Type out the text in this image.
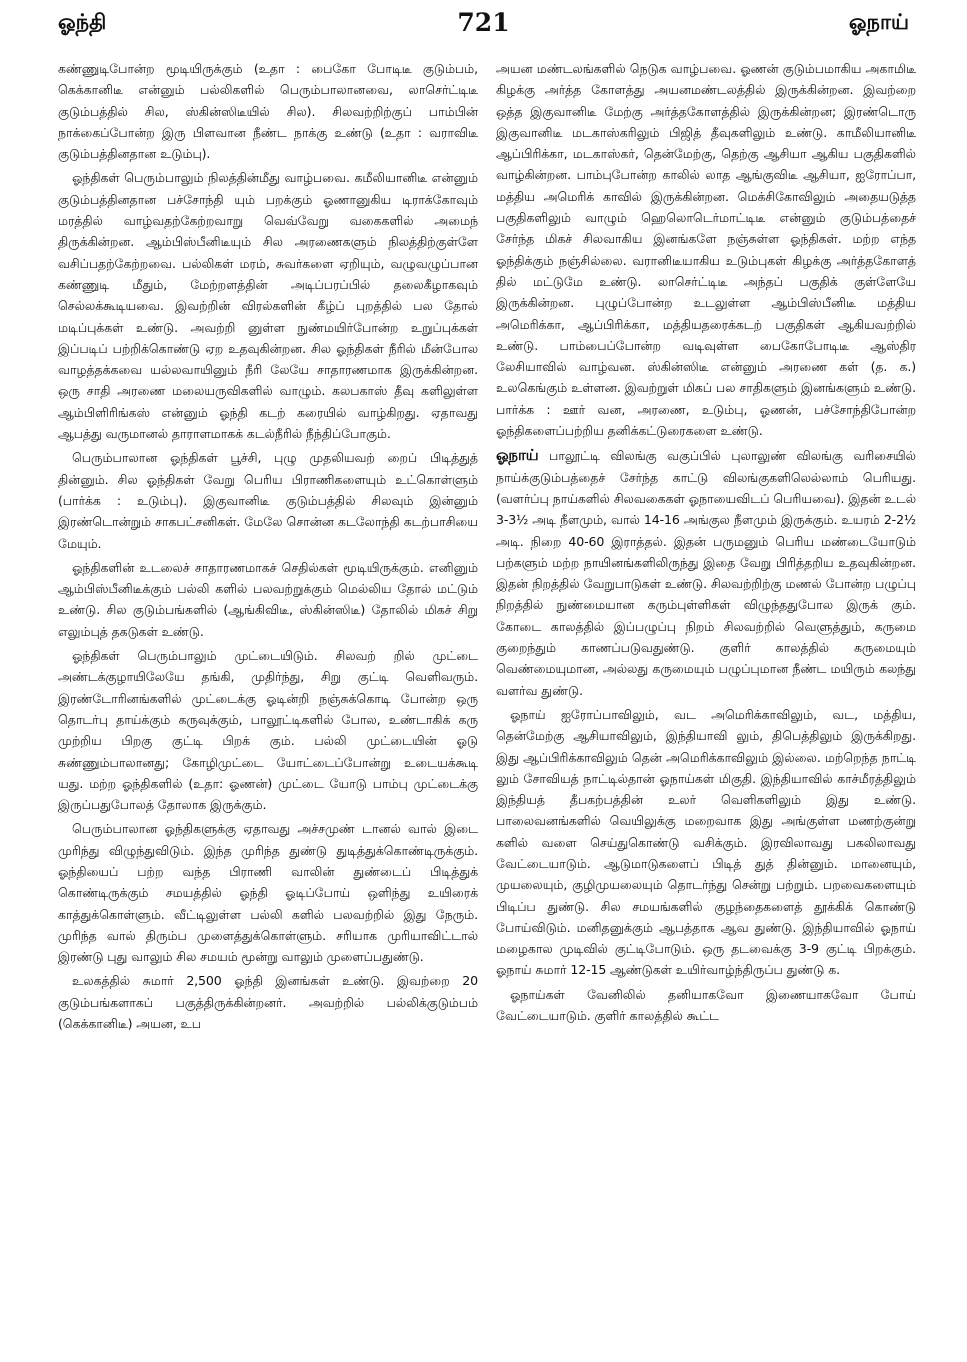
ஓந்தி	721	ஓநாய்

கண்ணுடிபோன்ற மூடியிருக்கும் (உதா : பைகோ போடிடீ குடும்பம், கெக்கானிடீ என்னும் பல்லிகளில் பெரும்பாலானவை, லாசெர்ட்டிடீ குடும்பத்தில் சில, ஸ்கின்ஸிடீயில் சில). சிலவற்றிற்குப் பாம்பின் நாக்கைப்போன்ற இரு பிளவான நீண்ட நாக்கு உண்டு (உதா : வராவிடீ குடும்பத்தினதான உடும்பு).

ஓந்திகள் பெரும்பாலும் நிலத்தின்மீது வாழ்பவை. கமீலியானிடீ என்னும் குடும்பத்தினதான பச்சோந்தி யும் பறக்கும் ஓணானுகிய டிராக்கோவும் மரத்தில் வாழ்வதற்கேற்றவாறு வெவ்வேறு வகைகளில் அமைந் திருக்கின்றன. ஆம்பிஸ்பீனிடீயும் சில அரணைகளும் நிலத்திற்குள்ளே வசிப்பதற்கேற்றவை. பல்லிகள் மரம், சுவர்களை ஏறியும், வழுவழுப்பான கண்ணுடி மீதும், மேற்றளத்தின் அடிப்பரப்பில் தலைகீழாகவும் செல்லக்கூடியவை. இவற்றின் விரல்களின் கீழ்ப் புறத்தில் பல தோல் மடிப்புக்கள் உண்டு. அவற்றி னுள்ள நுண்மயிர்போன்ற உறுப்புக்கள் இப்படிப் பற்றிக்கொண்டு ஏற உதவுகின்றன. சில ஓந்திகள் நீரில் மீன்போல வாழத்தக்கவை யல்லவாயினும் நீரி லேயே சாதாரணமாக இருக்கின்றன. ஒரு சாதி அரணை மலையருவிகளில் வாழும். கலபகாஸ் தீவு களிலுள்ள ஆம்பிளிரிங்கஸ் என்னும் ஓந்தி கடற் கரையில் வாழ்கிறது. ஏதாவது ஆபத்து வருமானல் தாராளமாகக் கடல்நீரில் நீந்திப்போகும்.

பெரும்பாலான ஓந்திகள் பூச்சி, புழு முதலியவற் றைப் பிடித்துத் தின்னும். சில ஓந்திகள் வேறு பெரிய பிராணிகளையும் உட்கொள்ளும் (பார்க்க : உடும்பு). இகுவானிடீ குடும்பத்தில் சிலவும் இன்னும் இரண்டொன்றும் சாகபட்சனிகள். மேலே சொன்ன கடலோந்தி கடற்பாசியை மேயும்.

ஓந்திகளின் உடலைச் சாதாரணமாகச் செதில்கள் மூடியிருக்கும். எனினும் ஆம்பிஸ்பீனிடீக்கும் பல்லி களில் பலவற்றுக்கும் மெல்லிய தோல் மட்டும் உண்டு. சில குடும்பங்களில் (ஆங்கிவிடீ, ஸ்கின்ஸிடீ) தோலில் மிகச் சிறு எலும்புத் தகடுகள் உண்டு.

ஓந்திகள் பெரும்பாலும் முட்டையிடும். சிலவற் றில் முட்டை அண்டக்குழாயிலேயே தங்கி, முதிர்ந்து, சிறு குட்டி வெளிவரும். இரண்டோரினங்களில் முட்டைக்கு ஓடின்றி நஞ்சுக்கொடி போன்ற ஒரு தொடர்பு தாய்க்கும் கருவுக்கும், பாலூட்டிகளில் போல, உண்டாகிக் கரு முற்றிய பிறகு குட்டி பிறக் கும். பல்லி முட்டையின் ஓடு சுண்ணும்பாலானது; கோழிமுட்டை யோட்டைப்போன்று உடையக்கூடி யது. மற்ற ஓந்திகளில் (உதா: ஓணன்) முட்டை யோடு பாம்பு முட்டைக்கு இருப்பதுபோலத் தோலாக இருக்கும்.

பெரும்பாலான ஓந்திகளுக்கு ஏதாவது அச்சமுண் டானல் வால் இடை முரிந்து விழுந்துவிடும். இந்த முரிந்த துண்டு துடித்துக்கொண்டிருக்கும். ஓந்தியைப் பற்ற வந்த பிராணி வாலின் துண்டைப் பிடித்துக் கொண்டிருக்கும் சமயத்தில் ஓந்தி ஓடிப்போய் ஒளிந்து உயிரைக் காத்துக்கொள்ளும். வீட்டிலுள்ள பல்லி களில் பலவற்றில் இது நேரும். முரிந்த வால் திரும்ப முளைத்துக்கொள்ளும். சரியாக முரியாவிட்டால் இரண்டு புது வாலும் சில சமயம் மூன்று வாலும் முளைப்பதுண்டு.

உலகத்தில் சுமார் 2,500 ஓந்தி இனங்கள் உண்டு. இவற்றை 20 குடும்பங்களாகப் பகுத்திருக்கின்றனர். அவற்றில் பல்லிக்குடும்பம் (கெக்கானிடீ) அயன, உப

அயன மண்டலங்களில் நெடுக வாழ்பவை. ஓணன் குடும்பமாகிய அகாமிடீ கிழக்கு அர்த்த கோளத்து அயனமண்டலத்தில் இருக்கின்றன. இவற்றை ஒத்த இகுவானிடீ மேற்கு அர்த்தகோளத்தில் இருக்கின்றன; இரண்டொரு இகுவானிடீ மடகாஸ்கரிலும் பிஜித் தீவுகளிலும் உண்டு. காமீலியானிடீ ஆப்பிரிக்கா, மடகாஸ்கர், தென்மேற்கு, தெற்கு ஆசியா ஆகிய பகுதிகளில் வாழ்கின்றன. பாம்புபோன்ற காலில் லாத ஆங்குவிடீ ஆசியா, ஐரோப்பா, மத்திய அமெரிக் காவில் இருக்கின்றன. மெக்சிகோவிலும் அதையடுத்த பகுதிகளிலும் வாழும் ஹெலொடெர்மாட்டிடீ என்னும் குடும்பத்தைச் சேர்ந்த மிகச் சிலவாகிய இனங்களே நஞ்சுள்ள ஓந்திகள். மற்ற எந்த ஓந்திக்கும் நஞ்சில்லை. வரானிடீயாகிய உடும்புகள் கிழக்கு அர்த்தகோளத் தில் மட்டுமே உண்டு. லாசெர்ட்டிடீ அந்தப் பகுதிக் குள்ளேயே இருக்கின்றன. புழுப்போன்ற உடலுள்ள ஆம்பிஸ்பீனிடீ மத்திய அமெரிக்கா, ஆப்பிரிக்கா, மத்தியதரைக்கடற் பகுதிகள் ஆகியவற்றில் உண்டு. பாம்பைப்போன்ற வடிவுள்ள பைகோபோடிடீ ஆஸ்திர லேசியாவில் வாழ்வன. ஸ்கின்ஸிடீ என்னும் அரணை கள் (த. க.) உலகெங்கும் உள்ளன. இவற்றுள் மிகப் பல சாதிகளும் இனங்களும் உண்டு. பார்க்க : ஊர் வன, அரணை, உடும்பு, ஓணன், பச்சோந்திபோன்ற ஓந்திகளைப்பற்றிய தனிக்கட்டுரைகளை உண்டு.

ஓநாய் பாலூட்டி விலங்கு வகுப்பில் புலாலுண் விலங்கு வரிசையில் நாய்க்குடும்பத்தைச் சேர்ந்த காட்டு விலங்குகளிலெல்லாம் பெரியது. (வளர்ப்பு நாய்களில் சிலவகைகள் ஓநாயைவிடப் பெரியவை). இதன் உடல் 3-3½ அடி நீளமும், வால் 14-16 அங்குல நீளமும் இருக்கும். உயரம் 2-2½ அடி. நிறை 40-60 இராத்தல். இதன் பருமனும் பெரிய மண்டையோடும் பற்களும் மற்ற நாயினங்களிலிருந்து இதை வேறு பிரித்தறிய உதவுகின்றன. இதன் நிறத்தில் வேறுபாடுகள் உண்டு. சிலவற்றிற்கு மணல் போன்ற பழுப்பு நிறத்தில் நுண்மையான கரும்புள்ளிகள் விழுந்ததுபோல இருக் கும். கோடை காலத்தில் இப்பழுப்பு நிறம் சிலவற்றில் வெளுத்தும், கருமை குறைந்தும் காணப்படுவதுண்டு. குளிர் காலத்தில் கருமையும் வெண்மையுமான, அல்லது கருமையும் பழுப்புமான நீண்ட மயிரும் கலந்து வளர்வ துண்டு.

ஓநாய் ஐரோப்பாவிலும், வட அமெரிக்காவிலும், வட, மத்திய, தென்மேற்கு ஆசியாவிலும், இந்தியாவி லும், திபெத்திலும் இருக்கிறது. இது ஆப்பிரிக்காவிலும் தென் அமெரிக்காவிலும் இல்லை. மற்றெந்த நாட்டி லும் சோவியத் நாட்டில்தான் ஓநாய்கள் மிகுதி. இந்தியாவில் காச்மீரத்திலும் இந்தியத் தீபகற்பத்தின் உலர் வெளிகளிலும் இது உண்டு. பாலைவனங்களில் வெயிலுக்கு மறைவாக இது அங்குள்ள மணற்குன்று களில் வளை செய்துகொண்டு வசிக்கும். இரவிலாவது பகலிலாவது வேட்டையாடும். ஆடுமாடுகளைப் பிடித் துத் தின்னும். மானையும், முயலையும், குழிமுயலையும் தொடர்ந்து சென்று பற்றும். பறவைகளையும் பிடிப்ப துண்டு. சில சமயங்களில் குழந்தைகளைத் தூக்கிக் கொண்டு போய்விடும். மனிதனுக்கும் ஆபத்தாக ஆவ துண்டு. இந்தியாவில் ஓநாய் மழைகால முடிவில் குட்டிபோடும். ஒரு தடவைக்கு 3-9 குட்டி பிறக்கும். ஓநாய் சுமார் 12-15 ஆண்டுகள் உயிர்வாழ்ந்திருப்ப துண்டு க.

ஓநாய்கள் வேனிலில் தனியாகவோ இணையாகவோ போய் வேட்டையாடும். குளிர் காலத்தில் கூட்ட
